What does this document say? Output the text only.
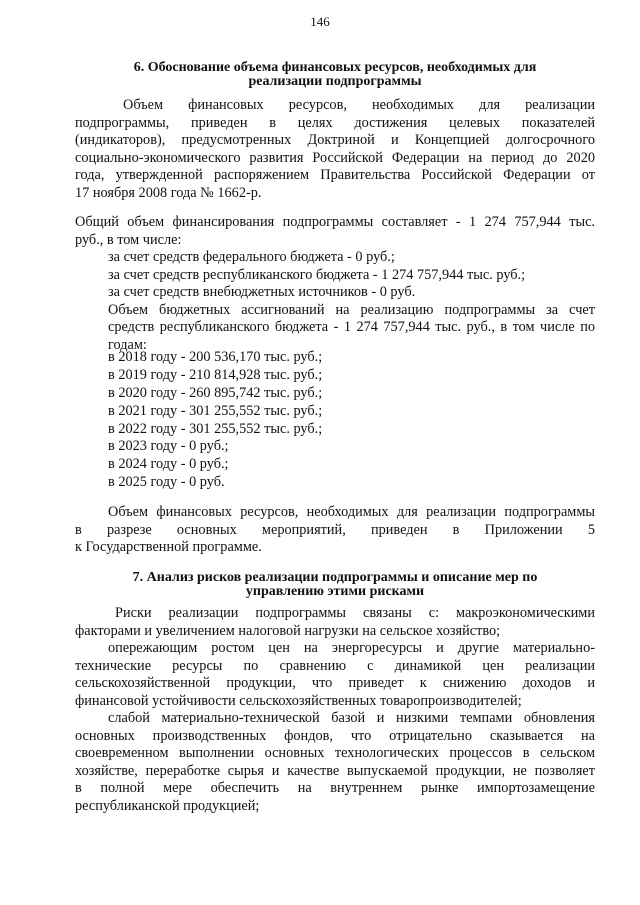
146
6. Обоснование объема финансовых ресурсов, необходимых для
реализации подпрограммы

Объем финансовых ресурсов, необходимых для реализации

подпрограммы, приведен в целях достижения целевых показателей

(индикаторов), предусмотренных Доктриной и Концепцией долгосрочного

социально-экономического развития Российской Федерации на период до 2020

года, утвержденной распоряжением Правительства Российской Федерации от

17 ноября 2008 года № 1662-р.

Общий объем финансирования подпрограммы составляет - 1 274 757,944 тыс.

руб., в том числе:

за счет средств федерального бюджета - 0 руб.;

за счет средств республиканского бюджета - 1 274 757,944 тыс. руб.;

за счет средств внебюджетных источников - 0 руб.

Объем бюджетных ассигнований на реализацию подпрограммы за счет

средств республиканского бюджета - 1 274 757,944 тыс. руб., в том числе по

годам:

в 2018 году - 200 536,170 тыс. руб.;

в 2019 году - 210 814,928 тыс. руб.;

в 2020 году - 260 895,742 тыс. руб.;

в 2021 году - 301 255,552 тыс. руб.;

в 2022 году - 301 255,552 тыс. руб.;

в 2023 году - 0 руб.;

в 2024 году - 0 руб.;

в 2025 году - 0 руб.

Объем финансовых ресурсов, необходимых для реализации подпрограммы

в разрезе основных мероприятий, приведен в Приложении 5

к Государственной программе.

7. Анализ рисков реализации подпрограммы и описание мер по
управлению этими рисками

Риски реализации подпрограммы связаны с: макроэкономическими

факторами и увеличением налоговой нагрузки на сельское хозяйство;

опережающим ростом цен на энергоресурсы и другие материально-

технические ресурсы по сравнению с динамикой цен реализации

сельскохозяйственной продукции, что приведет к снижению доходов и

финансовой устойчивости сельскохозяйственных товаропроизводителей;

слабой материально-технической базой и низкими темпами обновления

основных производственных фондов, что отрицательно сказывается на

своевременном выполнении основных технологических процессов в сельском

хозяйстве, переработке сырья и качестве выпускаемой продукции, не позволяет

в полной мере обеспечить на внутреннем рынке импортозамещение

республиканской продукцией;
